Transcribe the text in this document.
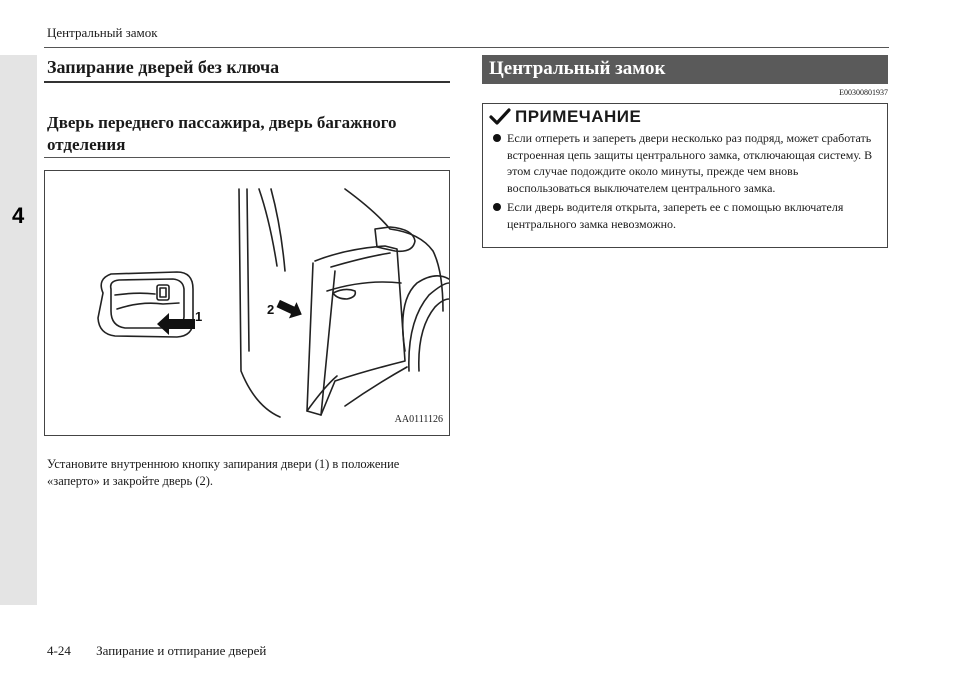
4
Центральный замок
Запирание дверей без ключа
Дверь переднего пассажира, дверь багажного отделения
1	2
AA0111126
Установите внутреннюю кнопку запирания двери (1) в положение «заперто» и закройте дверь (2).
Центральный замок
E00300801937
ПРИМЕЧАНИЕ
Если отпереть и запереть двери несколько раз подряд, может сработать встроенная цепь защиты центрального замка, отключающая систему. В этом случае подождите около минуты, прежде чем вновь воспользоваться выключателем центрального замка.
Если дверь водителя открыта, запереть ее с помощью включателя центрального замка невозможно.
4-24 Запирание и отпирание дверей
